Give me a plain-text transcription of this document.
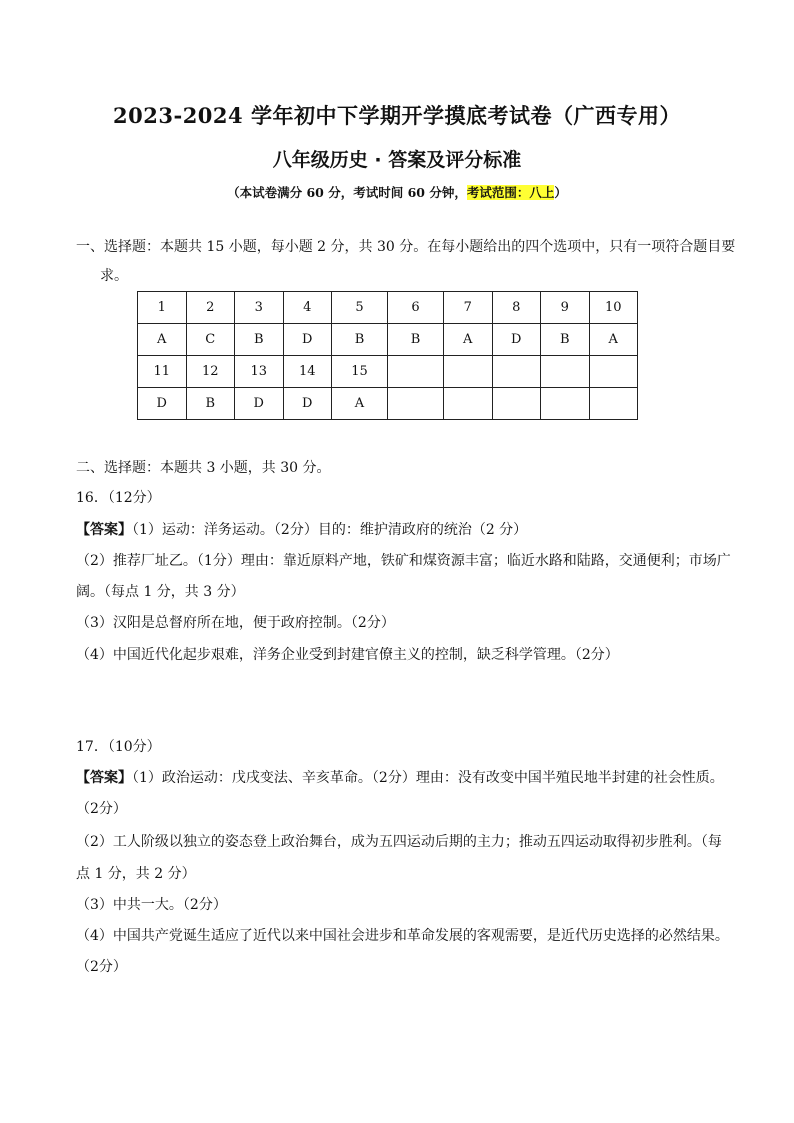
2023-2024 学年初中下学期开学摸底考试卷（广西专用）
八年级历史 · 答案及评分标准
（本试卷满分 60 分，考试时间 60 分钟，考试范围：八上）
一、选择题：本题共 15 小题，每小题 2 分，共 30 分。在每小题给出的四个选项中，只有一项符合题目要
求。
1	2	3	4	5	6	7	8	9	10
A	C	B	D	B	B	A	D	B	A
11	12	13	14	15					
D	B	D	D	A					
二、选择题：本题共 3 小题，共 30 分。
16．（12分）
【答案】（1）运动：洋务运动。（2分）目的：维护清政府的统治（2 分）
（2）推荐厂址乙。（1分）理由：靠近原料产地，铁矿和煤资源丰富；临近水路和陆路，交通便利；市场广
阔。（每点 1 分，共 3 分）
（3）汉阳是总督府所在地，便于政府控制。（2分）
（4）中国近代化起步艰难，洋务企业受到封建官僚主义的控制，缺乏科学管理。（2分）
17．（10分）
【答案】（1）政治运动：戊戌变法、辛亥革命。（2分）理由：没有改变中国半殖民地半封建的社会性质。
（2分）
（2）工人阶级以独立的姿态登上政治舞台，成为五四运动后期的主力；推动五四运动取得初步胜利。（每
点 1 分，共 2 分）
（3）中共一大。（2分）
（4）中国共产党诞生适应了近代以来中国社会进步和革命发展的客观需要，是近代历史选择的必然结果。
（2分）
